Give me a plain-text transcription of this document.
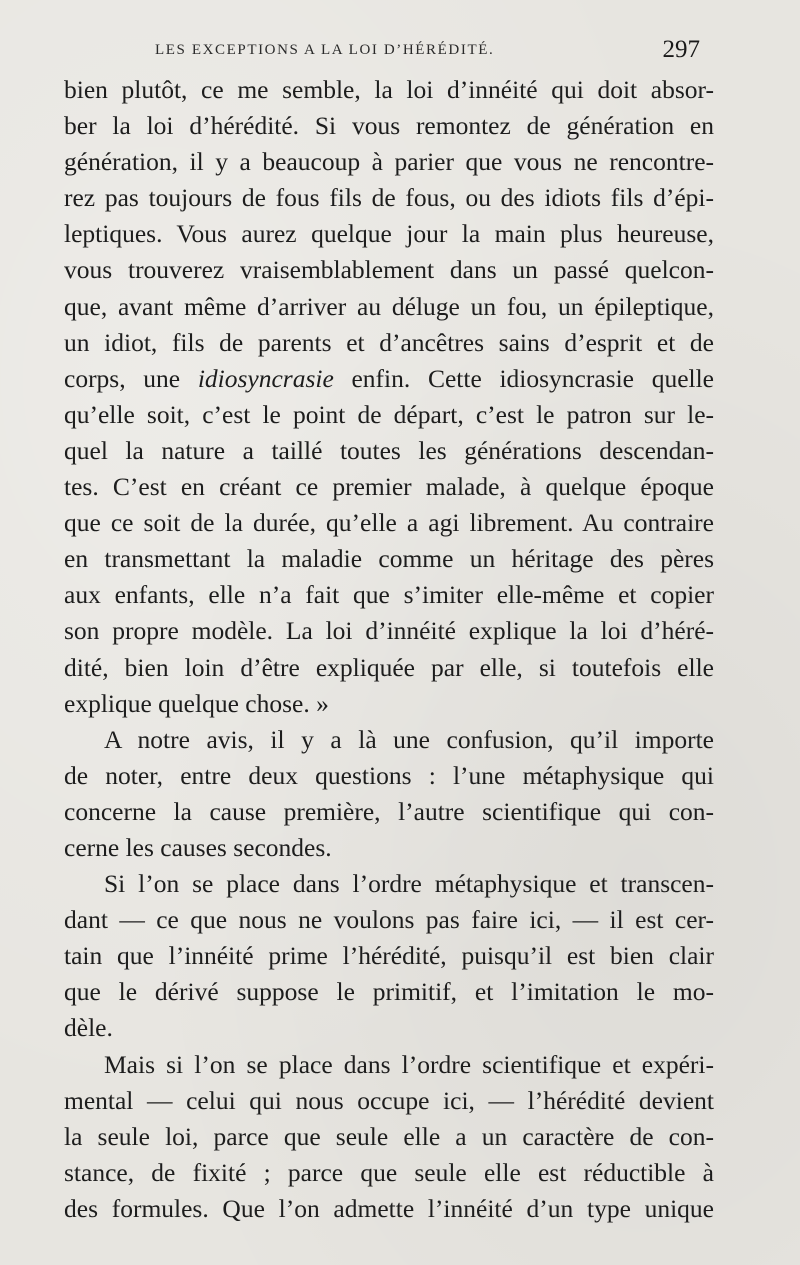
LES EXCEPTIONS A LA LOI D’HÉRÉDITÉ.	297
bien plutôt, ce me semble, la loi d’innéité qui doit absor-
ber la loi d’hérédité. Si vous remontez de génération en
génération, il y a beaucoup à parier que vous ne rencontre-
rez pas toujours de fous fils de fous, ou des idiots fils d’épi-
leptiques. Vous aurez quelque jour la main plus heureuse,
vous trouverez vraisemblablement dans un passé quelcon-
que, avant même d’arriver au déluge un fou, un épileptique,
un idiot, fils de parents et d’ancêtres sains d’esprit et de
corps, une idiosyncrasie enfin. Cette idiosyncrasie quelle
qu’elle soit, c’est le point de départ, c’est le patron sur le-
quel la nature a taillé toutes les générations descendan-
tes. C’est en créant ce premier malade, à quelque époque
que ce soit de la durée, qu’elle a agi librement. Au contraire
en transmettant la maladie comme un héritage des pères
aux enfants, elle n’a fait que s’imiter elle-même et copier
son propre modèle. La loi d’innéité explique la loi d’héré-
dité, bien loin d’être expliquée par elle, si toutefois elle
explique quelque chose. »
A notre avis, il y a là une confusion, qu’il importe
de noter, entre deux questions : l’une métaphysique qui
concerne la cause première, l’autre scientifique qui con-
cerne les causes secondes.
Si l’on se place dans l’ordre métaphysique et transcen-
dant — ce que nous ne voulons pas faire ici, — il est cer-
tain que l’innéité prime l’hérédité, puisqu’il est bien clair
que le dérivé suppose le primitif, et l’imitation le mo-
dèle.
Mais si l’on se place dans l’ordre scientifique et expéri-
mental — celui qui nous occupe ici, — l’hérédité devient
la seule loi, parce que seule elle a un caractère de con-
stance, de fixité ; parce que seule elle est réductible à
des formules. Que l’on admette l’innéité d’un type unique
